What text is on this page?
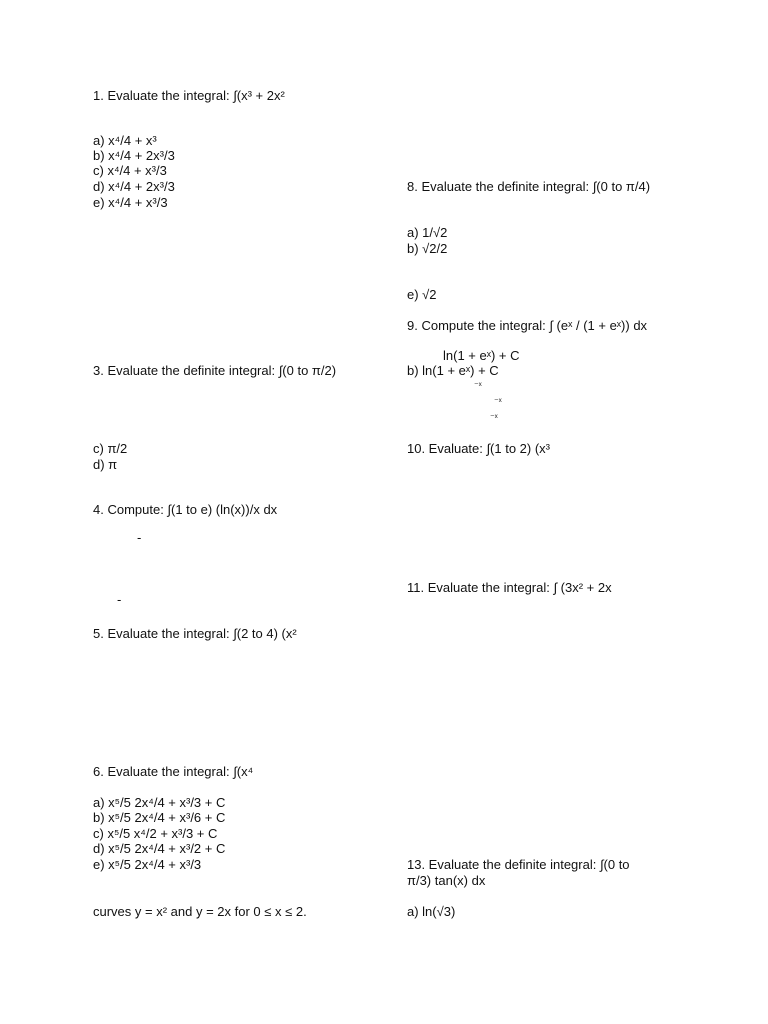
1. Evaluate the integral: ∫(x³ + 2x²
a) x⁴/4 + x³
b) x⁴/4 + 2x³/3
c) x⁴/4 + x³/3
d) x⁴/4 + 2x³/3
e) x⁴/4 + x³/3
3. Evaluate the definite integral: ∫(0 to π/2)
c) π/2
d) π
4. Compute: ∫(1 to e) (ln(x))/x dx
-
-
5. Evaluate the integral: ∫(2 to 4) (x²
6. Evaluate the integral: ∫(x⁴
a) x⁵/5 2x⁴/4 + x³/3 + C
b) x⁵/5 2x⁴/4 + x³/6 + C
c) x⁵/5 x⁴/2 + x³/3 + C
d) x⁵/5 2x⁴/4 + x³/2 + C
e) x⁵/5 2x⁴/4 + x³/3
curves y = x² and y = 2x for 0 ≤ x ≤ 2.
8. Evaluate the definite integral: ∫(0 to π/4)
a) 1/√2
b) √2/2
e) √2
9. Compute the integral: ∫ (eˣ / (1 + eˣ)) dx
ln(1 + eˣ) + C
b) ln(1 + eˣ) + C
⁻ˣ
⁻ˣ
⁻ˣ
10. Evaluate: ∫(1 to 2) (x³
11. Evaluate the integral: ∫ (3x² + 2x
13. Evaluate the definite integral: ∫(0 to
π/3) tan(x) dx
a) ln(√3)
